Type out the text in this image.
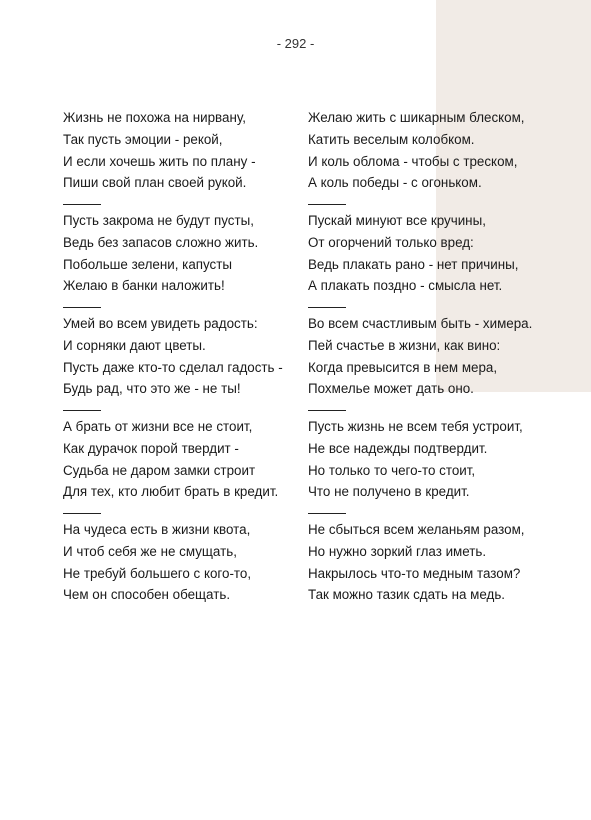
- 292 -
Жизнь не похожа на нирвану,
Так пусть эмоции - рекой,
И если хочешь жить по плану -
Пиши свой план своей рукой.
Пусть закрома не будут пусты,
Ведь без запасов сложно жить.
Побольше зелени, капусты
Желаю в банки наложить!
Умей во всем увидеть радость:
И сорняки дают цветы.
Пусть даже кто-то сделал гадость -
Будь рад, что это же - не ты!
А брать от жизни все не стоит,
Как дурачок порой твердит -
Судьба не даром замки строит
Для тех, кто любит брать в кредит.
На чудеса есть в жизни квота,
И чтоб себя же не смущать,
Не требуй большего с кого-то,
Чем он способен обещать.
Желаю жить с шикарным блеском,
Катить веселым колобком.
И коль облома - чтобы с треском,
А коль победы - с огоньком.
Пускай минуют все кручины,
От огорчений только вред:
Ведь плакать рано - нет причины,
А плакать поздно - смысла нет.
Во всем счастливым быть - химера.
Пей счастье в жизни, как вино:
Когда превысится в нем мера,
Похмелье может дать оно.
Пусть жизнь не всем тебя устроит,
Не все надежды подтвердит.
Но только то чего-то стоит,
Что не получено в кредит.
Не сбыться всем желаньям разом,
Но нужно зоркий глаз иметь.
Накрылось что-то медным тазом?
Так можно тазик сдать на медь.
